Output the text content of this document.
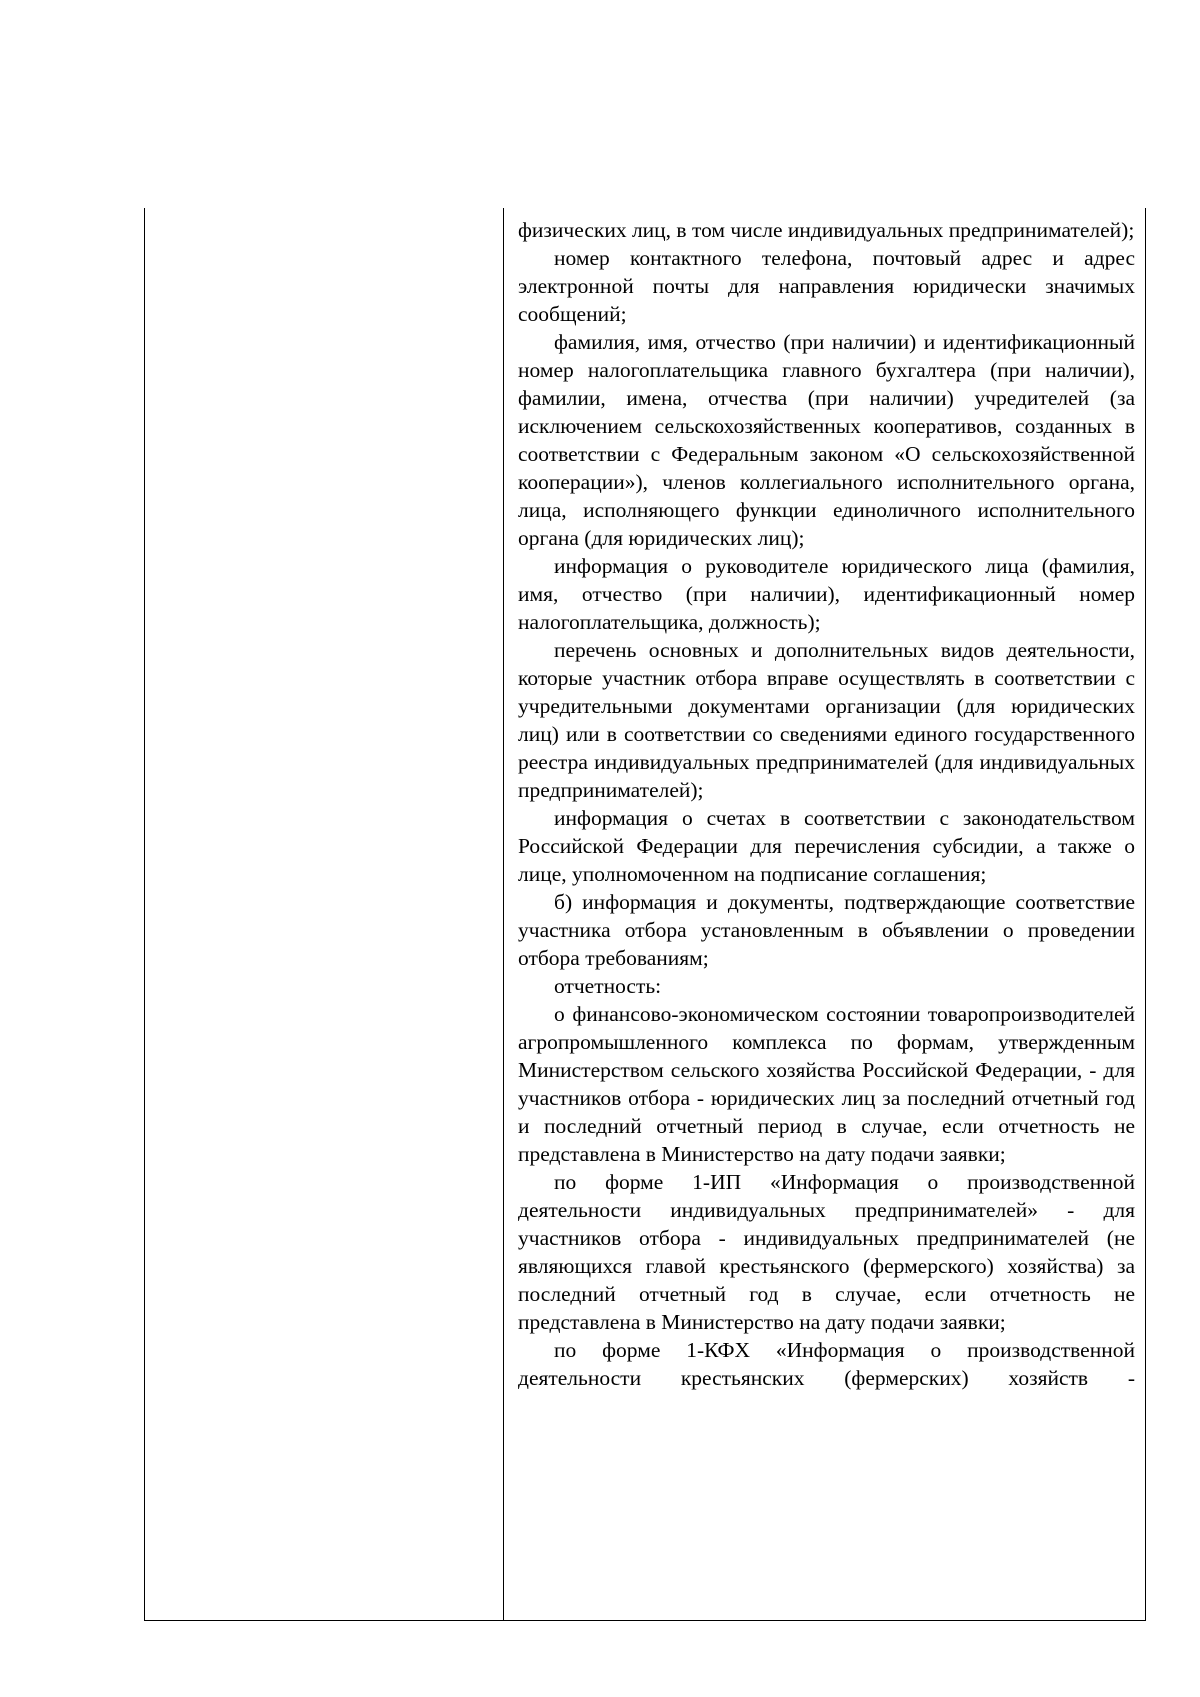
физических лиц, в том числе индивидуальных предпринимателей);

номер контактного телефона, почтовый адрес и адрес электронной почты для направления юридически значимых сообщений;

фамилия, имя, отчество (при наличии) и идентификационный номер налогоплательщика главного бухгалтера (при наличии), фамилии, имена, отчества (при наличии) учредителей (за исключением сельскохозяйственных кооперативов, созданных в соответствии с Федеральным законом «О сельскохозяйственной кооперации»), членов коллегиального исполнительного органа, лица, исполняющего функции единоличного исполнительного органа (для юридических лиц);

информация о руководителе юридического лица (фамилия, имя, отчество (при наличии), идентификационный номер налогоплательщика, должность);

перечень основных и дополнительных видов деятельности, которые участник отбора вправе осуществлять в соответствии с учредительными документами организации (для юридических лиц) или в соответствии со сведениями единого государственного реестра индивидуальных предпринимателей (для индивидуальных предпринимателей);

информация о счетах в соответствии с законодательством Российской Федерации для перечисления субсидии, а также о лице, уполномоченном на подписание соглашения;

б) информация и документы, подтверждающие соответствие участника отбора установленным в объявлении о проведении отбора требованиям;

отчетность:

о финансово-экономическом состоянии товаропроизводителей агропромышленного комплекса по формам, утвержденным Министерством сельского хозяйства Российской Федерации, - для участников отбора - юридических лиц за последний отчетный год и последний отчетный период в случае, если отчетность не представлена в Министерство на дату подачи заявки;

по форме 1-ИП «Информация о производственной деятельности индивидуальных предпринимателей» - для участников отбора - индивидуальных предпринимателей (не являющихся главой крестьянского (фермерского) хозяйства) за последний отчетный год в случае, если отчетность не представлена в Министерство на дату подачи заявки;

по форме 1-КФХ «Информация о производственной деятельности крестьянских (фермерских) хозяйств -
